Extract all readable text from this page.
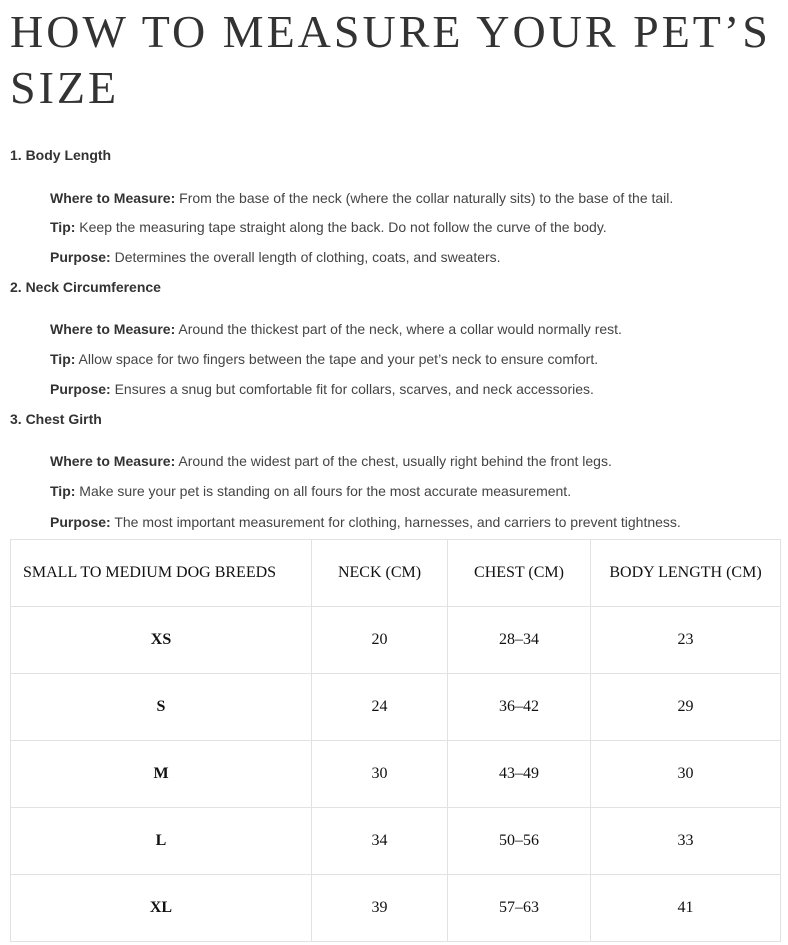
HOW TO MEASURE YOUR PET’S SIZE

1. Body Length

Where to Measure: From the base of the neck (where the collar naturally sits) to the base of the tail.

Tip: Keep the measuring tape straight along the back. Do not follow the curve of the body.

Purpose: Determines the overall length of clothing, coats, and sweaters.

2. Neck Circumference

Where to Measure: Around the thickest part of the neck, where a collar would normally rest.

Tip: Allow space for two fingers between the tape and your pet’s neck to ensure comfort.

Purpose: Ensures a snug but comfortable fit for collars, scarves, and neck accessories.

3. Chest Girth

Where to Measure: Around the widest part of the chest, usually right behind the front legs.

Tip: Make sure your pet is standing on all fours for the most accurate measurement.

Purpose: The most important measurement for clothing, harnesses, and carriers to prevent tightness.

SMALL TO MEDIUM DOG BREEDS	NECK (CM)	CHEST (CM)	BODY LENGTH (CM)
XS	20	28–34	23
S	24	36–42	29
M	30	43–49	30
L	34	50–56	33
XL	39	57–63	41
